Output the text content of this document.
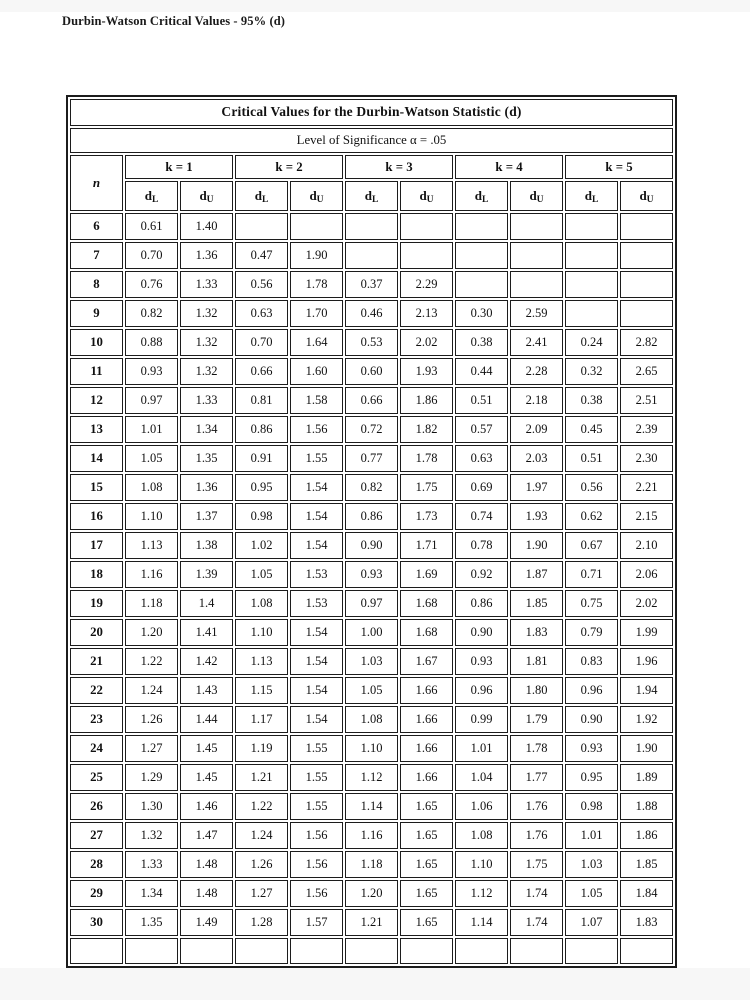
Durbin-Watson Critical Values - 95% (d)
Critical Values for the Durbin-Watson Statistic (d)										
Level of Significance α = .05										
n	k = 1		k = 2		k = 3		k = 4		k = 5	
	$d_L$	$d_U$	$d_L$	$d_U$	$d_L$	$d_U$	$d_L$	$d_U$	$d_L$	$d_U$
6	0.61	1.40								
7	0.70	1.36	0.47	1.90						
8	0.76	1.33	0.56	1.78	0.37	2.29				
9	0.82	1.32	0.63	1.70	0.46	2.13	0.30	2.59		
10	0.88	1.32	0.70	1.64	0.53	2.02	0.38	2.41	0.24	2.82
11	0.93	1.32	0.66	1.60	0.60	1.93	0.44	2.28	0.32	2.65
12	0.97	1.33	0.81	1.58	0.66	1.86	0.51	2.18	0.38	2.51
13	1.01	1.34	0.86	1.56	0.72	1.82	0.57	2.09	0.45	2.39
14	1.05	1.35	0.91	1.55	0.77	1.78	0.63	2.03	0.51	2.30
15	1.08	1.36	0.95	1.54	0.82	1.75	0.69	1.97	0.56	2.21
16	1.10	1.37	0.98	1.54	0.86	1.73	0.74	1.93	0.62	2.15
17	1.13	1.38	1.02	1.54	0.90	1.71	0.78	1.90	0.67	2.10
18	1.16	1.39	1.05	1.53	0.93	1.69	0.92	1.87	0.71	2.06
19	1.18	1.4	1.08	1.53	0.97	1.68	0.86	1.85	0.75	2.02
20	1.20	1.41	1.10	1.54	1.00	1.68	0.90	1.83	0.79	1.99
21	1.22	1.42	1.13	1.54	1.03	1.67	0.93	1.81	0.83	1.96
22	1.24	1.43	1.15	1.54	1.05	1.66	0.96	1.80	0.96	1.94
23	1.26	1.44	1.17	1.54	1.08	1.66	0.99	1.79	0.90	1.92
24	1.27	1.45	1.19	1.55	1.10	1.66	1.01	1.78	0.93	1.90
25	1.29	1.45	1.21	1.55	1.12	1.66	1.04	1.77	0.95	1.89
26	1.30	1.46	1.22	1.55	1.14	1.65	1.06	1.76	0.98	1.88
27	1.32	1.47	1.24	1.56	1.16	1.65	1.08	1.76	1.01	1.86
28	1.33	1.48	1.26	1.56	1.18	1.65	1.10	1.75	1.03	1.85
29	1.34	1.48	1.27	1.56	1.20	1.65	1.12	1.74	1.05	1.84
30	1.35	1.49	1.28	1.57	1.21	1.65	1.14	1.74	1.07	1.83
